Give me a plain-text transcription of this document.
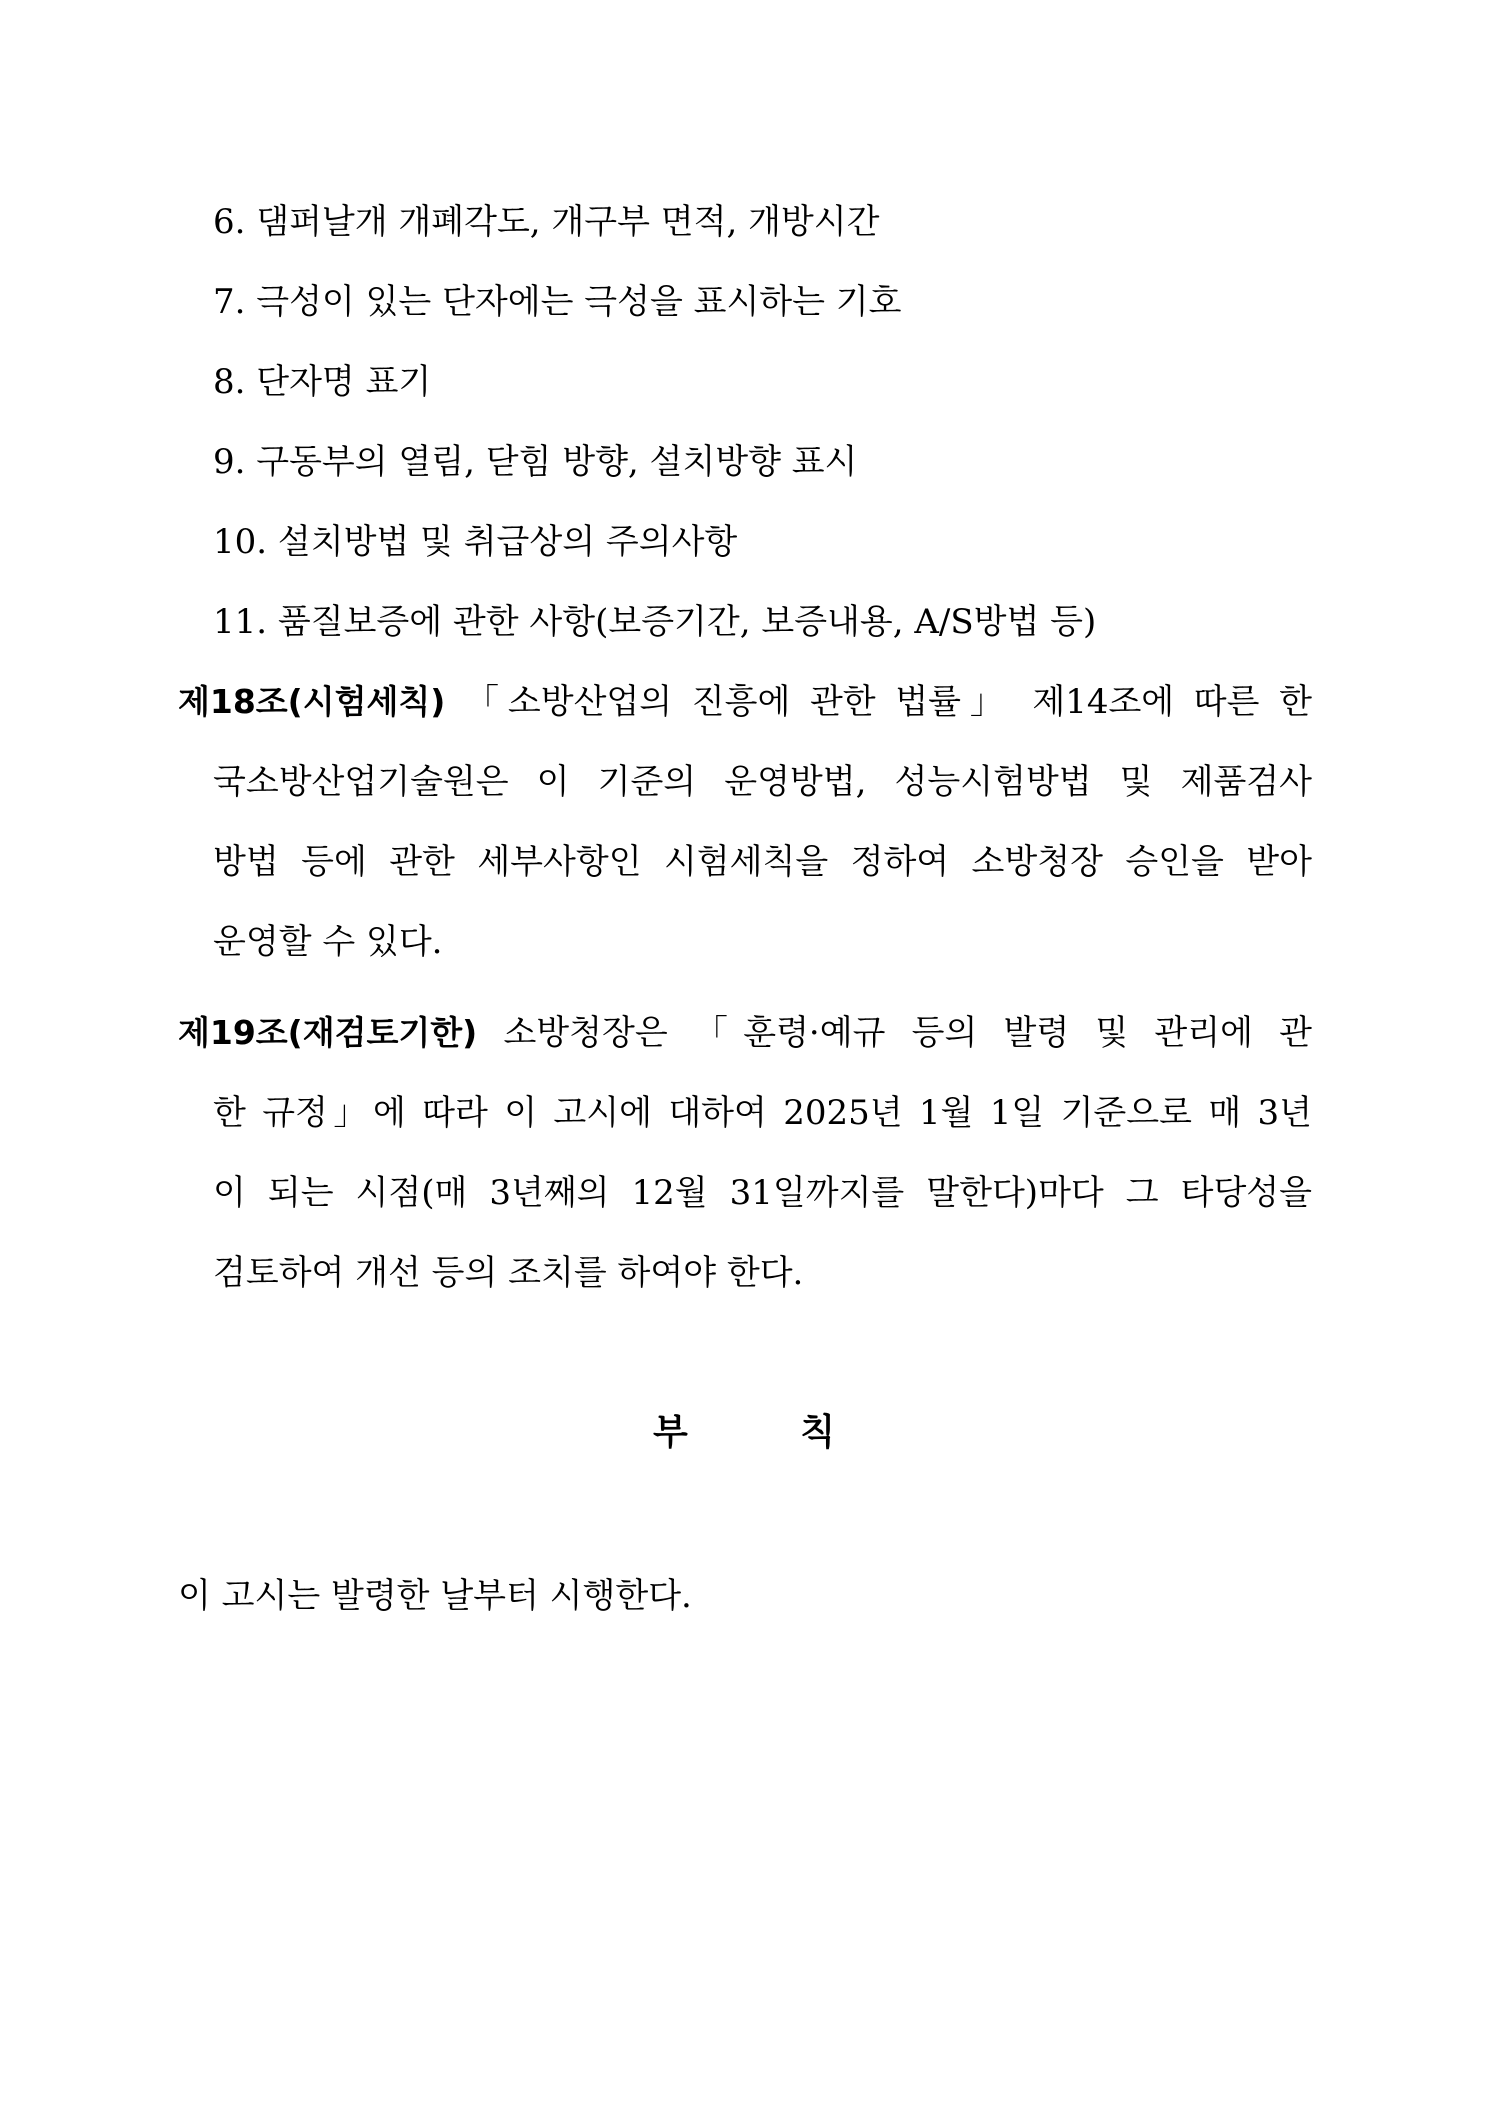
6. 댐퍼날개 개폐각도, 개구부 면적, 개방시간
7. 극성이 있는 단자에는 극성을 표시하는 기호
8. 단자명 표기
9. 구동부의 열림, 닫힘 방향, 설치방향 표시
10. 설치방법 및 취급상의 주의사항
11. 품질보증에 관한 사항(보증기간, 보증내용, A/S방법 등)
제18조(시험세칙) 「소방산업의 진흥에 관한 법률」 제14조에 따른 한
국소방산업기술원은 이 기준의 운영방법, 성능시험방법 및 제품검사
방법 등에 관한 세부사항인 시험세칙을 정하여 소방청장 승인을 받아
운영할 수 있다.
제19조(재검토기한) 소방청장은 「훈령·예규 등의 발령 및 관리에 관
한 규정」에 따라 이 고시에 대하여 2025년 1월 1일 기준으로 매 3년
이 되는 시점(매 3년째의 12월 31일까지를 말한다)마다 그 타당성을
검토하여 개선 등의 조치를 하여야 한다.
부	칙
이 고시는 발령한 날부터 시행한다.
